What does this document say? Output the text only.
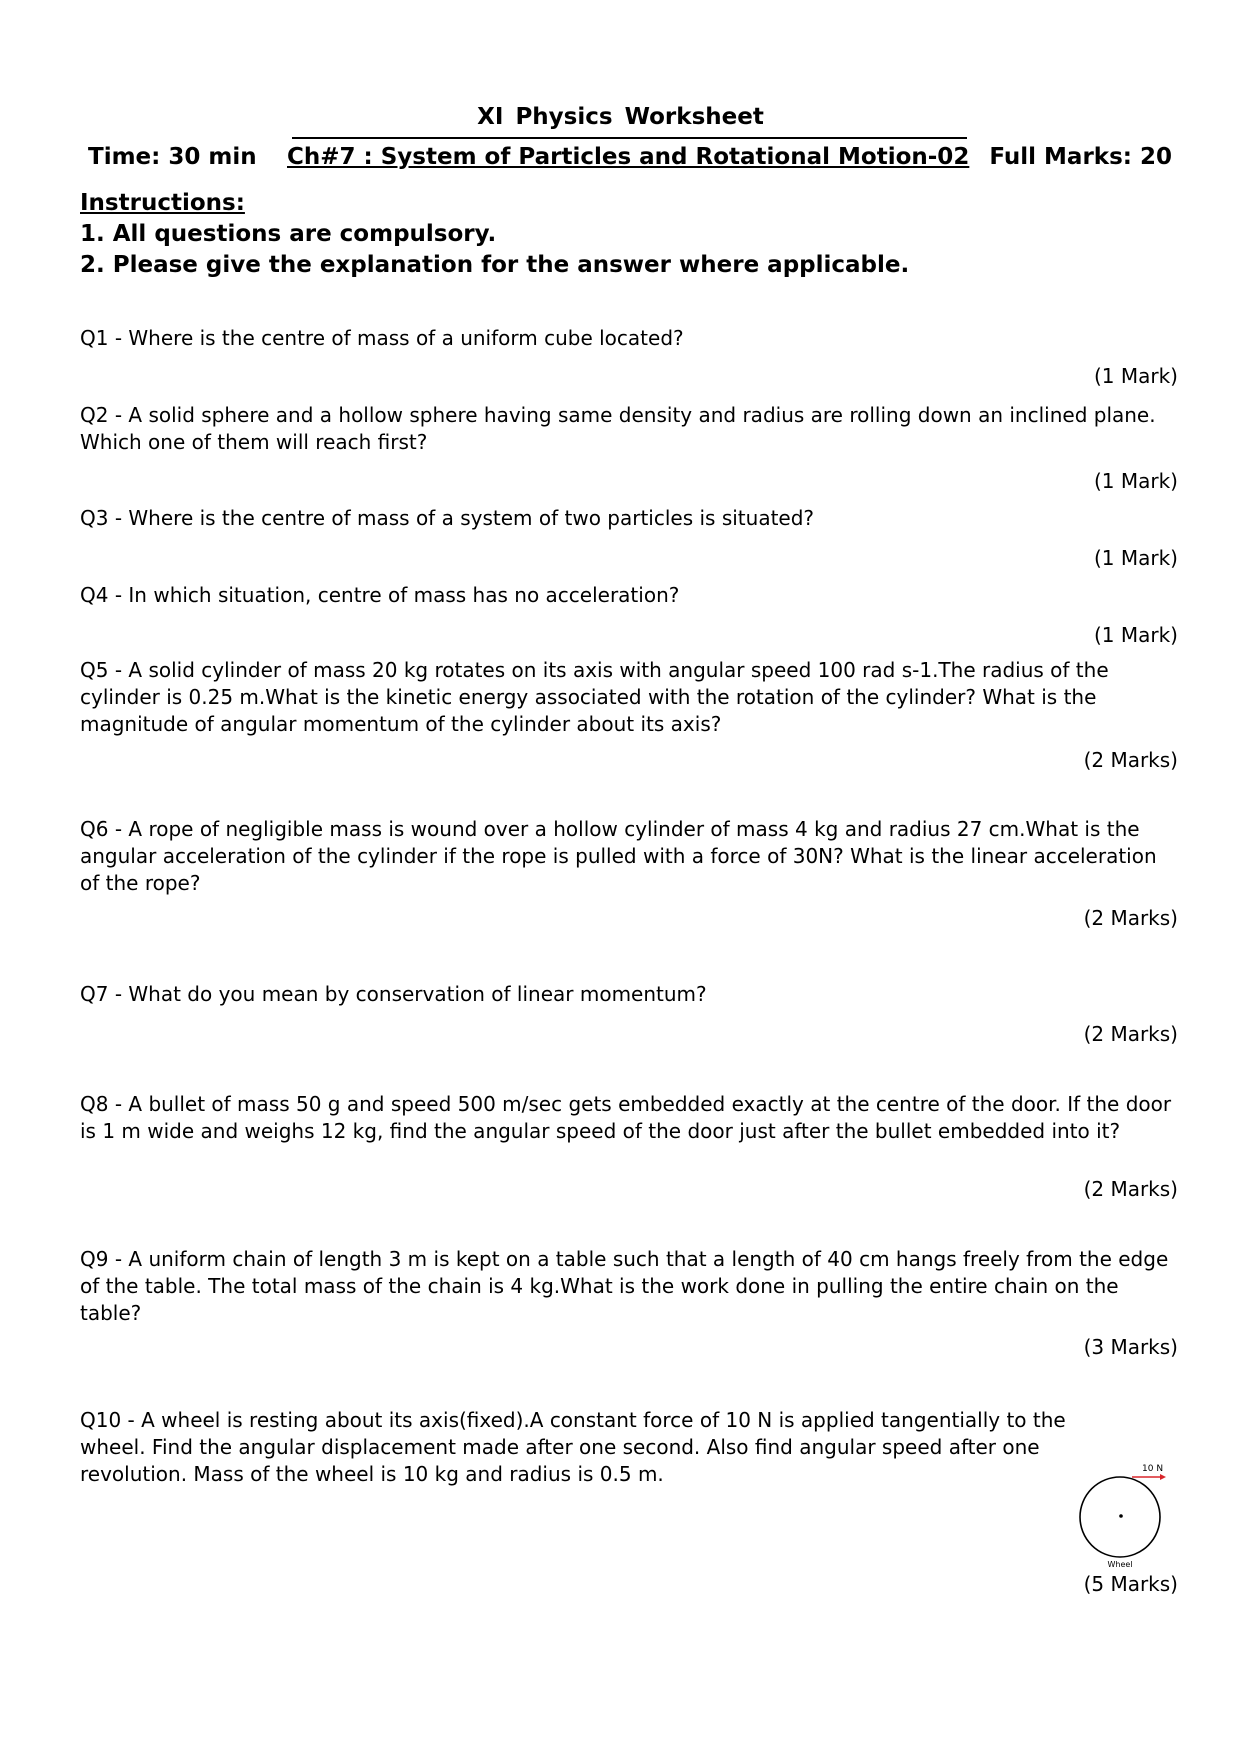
XI Physics Worksheet
Time: 30 min Ch#7 : System of Particles and Rotational Motion-02 Full Marks: 20
Instructions:
1. All questions are compulsory.
2. Please give the explanation for the answer where applicable.
Q1 - Where is the centre of mass of a uniform cube located?
(1 Mark)
Q2 - A solid sphere and a hollow sphere having same density and radius are rolling down an inclined plane. Which one of them will reach first?
(1 Mark)
Q3 - Where is the centre of mass of a system of two particles is situated?
(1 Mark)
Q4 - In which situation, centre of mass has no acceleration?
(1 Mark)
Q5 - A solid cylinder of mass 20 kg rotates on its axis with angular speed 100 rad s-1.The radius of the cylinder is 0.25 m.What is the kinetic energy associated with the rotation of the cylinder? What is the magnitude of angular momentum of the cylinder about its axis?
(2 Marks)
Q6 - A rope of negligible mass is wound over a hollow cylinder of mass 4 kg and radius 27 cm.What is the angular acceleration of the cylinder if the rope is pulled with a force of 30N? What is the linear acceleration of the rope?
(2 Marks)
Q7 - What do you mean by conservation of linear momentum?
(2 Marks)
Q8 - A bullet of mass 50 g and speed 500 m/sec gets embedded exactly at the centre of the door. If the door is 1 m wide and weighs 12 kg, find the angular speed of the door just after the bullet embedded into it?
(2 Marks)
Q9 - A uniform chain of length 3 m is kept on a table such that a length of 40 cm hangs freely from the edge of the table. The total mass of the chain is 4 kg.What is the work done in pulling the entire chain on the table?
(3 Marks)
Q10 - A wheel is resting about its axis(fixed).A constant force of 10 N is applied tangentially to the wheel. Find the angular displacement made after one second. Also find angular speed after one revolution. Mass of the wheel is 10 kg and radius is 0.5 m.	10 N
Wheel
(5 Marks)
